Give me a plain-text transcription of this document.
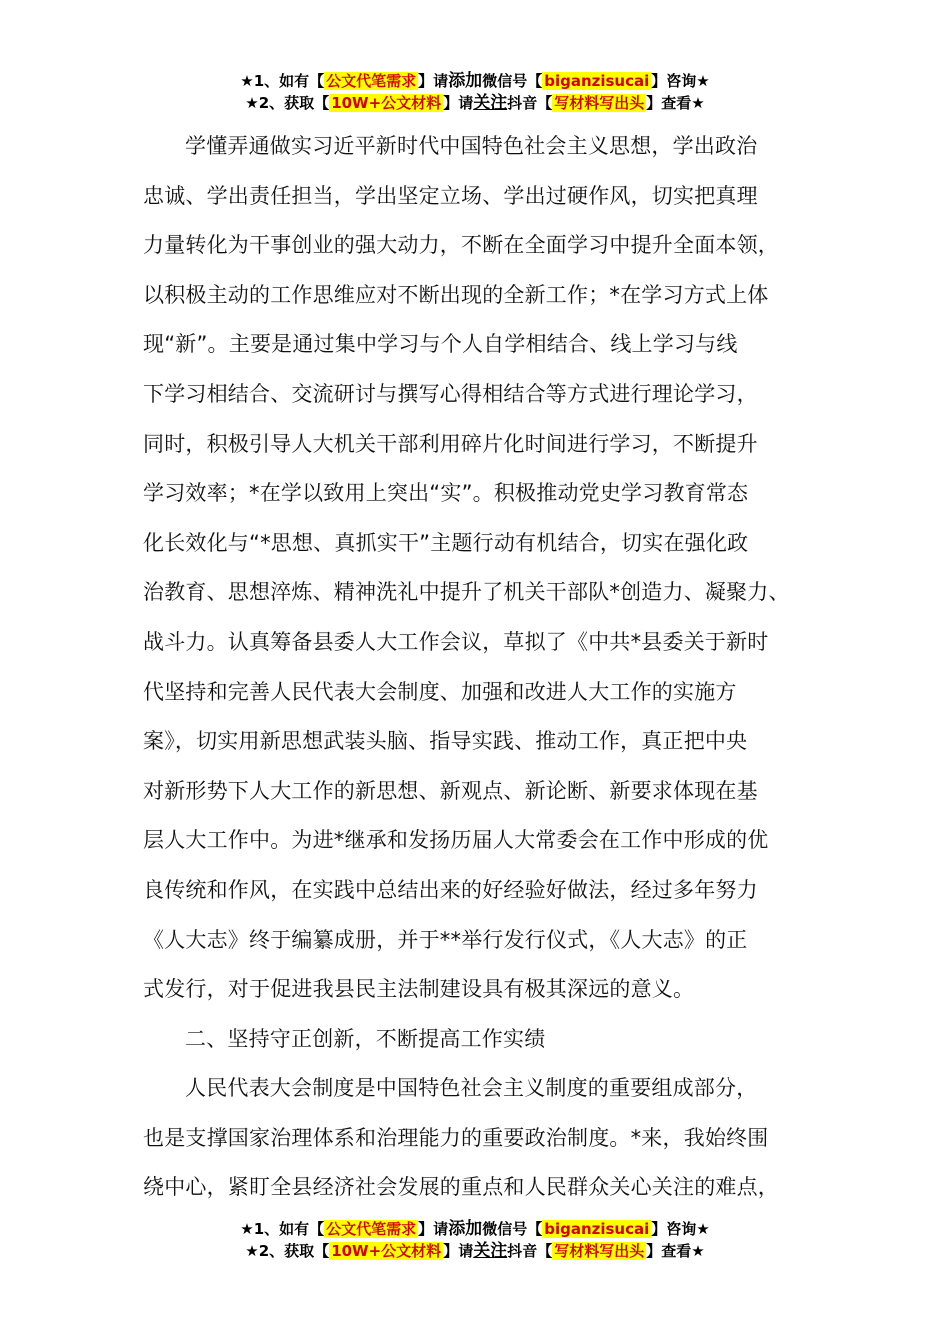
★1、如有【 公文代笔需求 】请添加微信号【 biganzisucai 】咨询★
★2、获取【 10W+公文材料 】请关注抖音【 写材料写出头 】查看★
学懂弄通做实习近平新时代中国特色社会主义思想，学出政治
忠诚、学出责任担当，学出坚定立场、学出过硬作风，切实把真理
力量转化为干事创业的强大动力，不断在全面学习中提升全面本领，
以积极主动的工作思维应对不断出现的全新工作；*在学习方式上体
现“新”。主要是通过集中学习与个人自学相结合、线上学习与线
下学习相结合、交流研讨与撰写心得相结合等方式进行理论学习，
同时，积极引导人大机关干部利用碎片化时间进行学习，不断提升
学习效率；*在学以致用上突出“实”。积极推动党史学习教育常态
化长效化与“*思想、真抓实干”主题行动有机结合，切实在强化政
治教育、思想淬炼、精神洗礼中提升了机关干部队*创造力、凝聚力、
战斗力。认真筹备县委人大工作会议，草拟了《中共*县委关于新时
代坚持和完善人民代表大会制度、加强和改进人大工作的实施方
案》，切实用新思想武装头脑、指导实践、推动工作，真正把中央
对新形势下人大工作的新思想、新观点、新论断、新要求体现在基
层人大工作中。为进*继承和发扬历届人大常委会在工作中形成的优
良传统和作风，在实践中总结出来的好经验好做法，经过多年努力
《人大志》终于编纂成册，并于**举行发行仪式，《人大志》的正
式发行，对于促进我县民主法制建设具有极其深远的意义。
二、坚持守正创新，不断提高工作实绩
人民代表大会制度是中国特色社会主义制度的重要组成部分，
也是支撑国家治理体系和治理能力的重要政治制度。*来，我始终围
绕中心，紧盯全县经济社会发展的重点和人民群众关心关注的难点，
★1、如有【 公文代笔需求 】请添加微信号【 biganzisucai 】咨询★
★2、获取【 10W+公文材料 】请关注抖音【 写材料写出头 】查看★
